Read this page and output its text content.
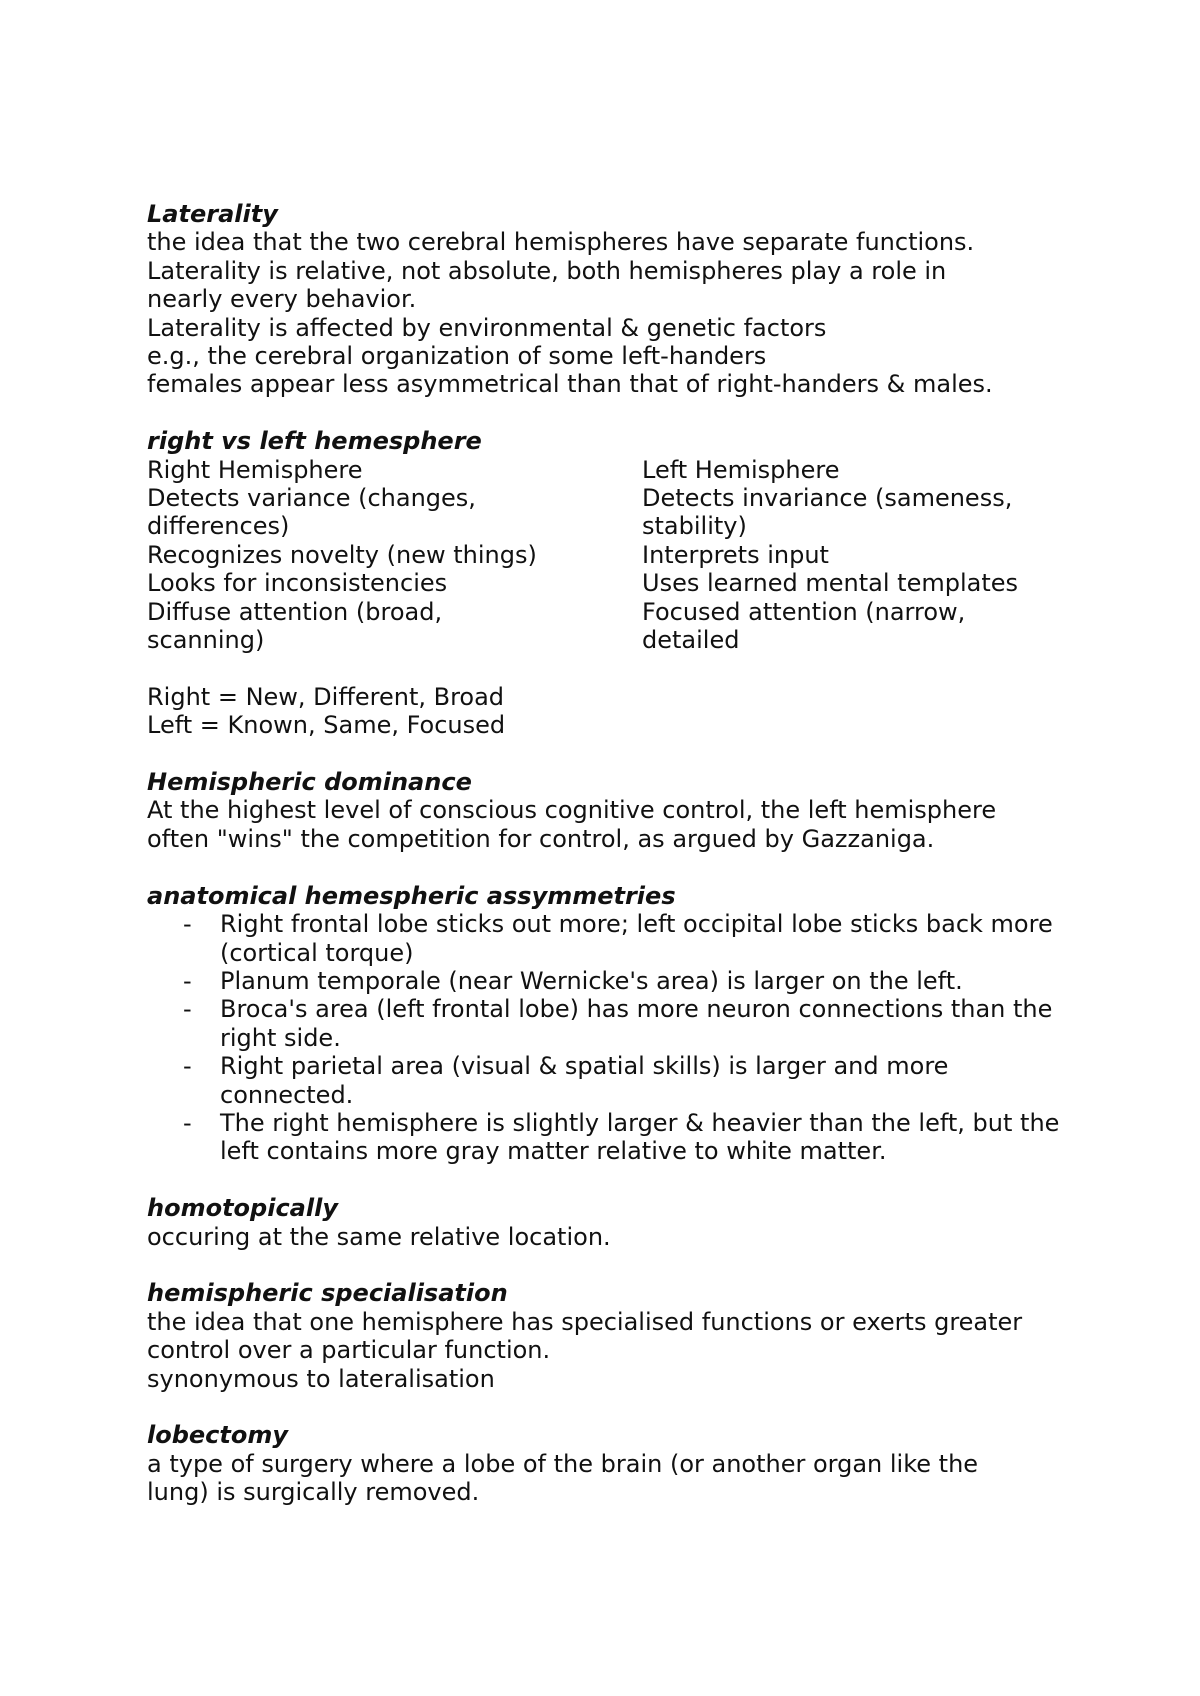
Laterality
the idea that the two cerebral hemispheres have separate functions.
Laterality is relative, not absolute, both hemispheres play a role in nearly every behavior.
Laterality is affected by environmental & genetic factors
e.g., the cerebral organization of some left-handers
females appear less asymmetrical than that of right-handers & males.
right vs left hemesphere
Right Hemisphere
Detects variance (changes, differences)
Recognizes novelty (new things)
Looks for inconsistencies
Diffuse attention (broad, scanning)
Left Hemisphere
Detects invariance (sameness, stability)
Interprets input
Uses learned mental templates
Focused attention (narrow, detailed
Right = New, Different, Broad
Left = Known, Same, Focused
Hemispheric dominance
At the highest level of conscious cognitive control, the left hemisphere often "wins" the competition for control, as argued by Gazzaniga.
anatomical hemespheric assymmetries
- Right frontal lobe sticks out more; left occipital lobe sticks back more (cortical torque)
- Planum temporale (near Wernicke's area) is larger on the left.
- Broca's area (left frontal lobe) has more neuron connections than the right side.
- Right parietal area (visual & spatial skills) is larger and more connected.
- The right hemisphere is slightly larger & heavier than the left, but the left contains more gray matter relative to white matter.
homotopically
occuring at the same relative location.
hemispheric specialisation
the idea that one hemisphere has specialised functions or exerts greater control over a particular function.
synonymous to lateralisation
lobectomy
a type of surgery where a lobe of the brain (or another organ like the lung) is surgically removed.
